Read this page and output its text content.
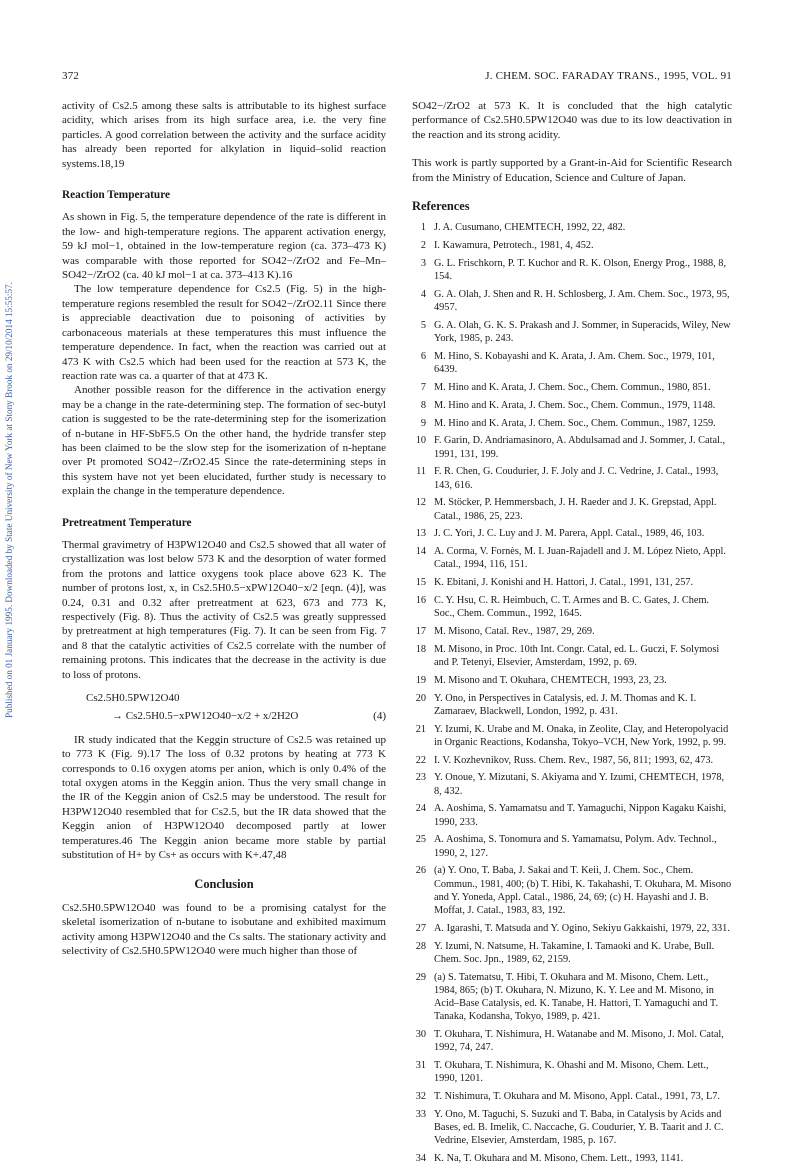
Published on 01 January 1995. Downloaded by State University of New York at Stony Brook on 29/10/2014 15:55:57.
372	J. CHEM. SOC. FARADAY TRANS., 1995, VOL. 91

activity of Cs2.5 among these salts is attributable to its highest surface acidity, which arises from its high surface area, i.e. the very fine particles. A good correlation between the activity and the surface acidity has already been reported for alkylation in liquid–solid reaction systems.18,19

Reaction Temperature

As shown in Fig. 5, the temperature dependence of the rate is different in the low- and high-temperature regions. The apparent activation energy, 59 kJ mol−1, obtained in the low-temperature region (ca. 373–473 K) was comparable with those reported for SO42−/ZrO2 and Fe–Mn–SO42−/ZrO2 (ca. 40 kJ mol−1 at ca. 373–413 K).16

The low temperature dependence for Cs2.5 (Fig. 5) in the high-temperature regions resembled the result for SO42−/ZrO2.11 Since there is appreciable deactivation due to poisoning of activities by carbonaceous materials at these temperatures this must influence the temperature dependence. In fact, when the reaction was carried out at 473 K with Cs2.5 which had been used for the reaction at 573 K, the reaction rate was ca. a quarter of that at 473 K.

Another possible reason for the difference in the activation energy may be a change in the rate-determining step. The formation of sec-butyl cation is suggested to be the rate-determining step for the isomerization of n-butane in HF-SbF5.5 On the other hand, the hydride transfer step has been claimed to be the slow step for the isomerization of n-heptane over Pt promoted SO42−/ZrO2.45 Since the rate-determining steps in this system have not yet been elucidated, further study is necessary to explain the change in the temperature dependence.

Pretreatment Temperature

Thermal gravimetry of H3PW12O40 and Cs2.5 showed that all water of crystallization was lost below 573 K and the desorption of water formed from the protons and lattice oxygens took place above 623 K. The number of protons lost, x, in Cs2.5H0.5−xPW12O40−x/2 [eqn. (4)], was 0.24, 0.31 and 0.32 after pretreatment at 623, 673 and 773 K, respectively (Fig. 8). Thus the activity of Cs2.5 was greatly suppressed by pretreatment at high temperatures (Fig. 7). It can be seen from Fig. 7 and 8 that the catalytic activities of Cs2.5 correlate with the number of remaining protons. This indicates that the decrease in the activity is due to loss of protons.

Cs2.5H0.5PW12O40

→ Cs2.5H0.5−xPW12O40−x/2 + x/2H2O	(4)

IR study indicated that the Keggin structure of Cs2.5 was retained up to 773 K (Fig. 9).17 The loss of 0.32 protons by heating at 773 K corresponds to 0.16 oxygen atoms per anion, which is only 0.4% of the total oxygen atoms in the Keggin anion. Thus the very small change in the IR of the Keggin anion of Cs2.5 may be understood. The result for H3PW12O40 resembled that for Cs2.5, but the IR data showed that the Keggin anion of H3PW12O40 decomposed partly at lower temperatures.46 The Keggin anion became more stable by partial substitution of H+ by Cs+ as occurs with K+.47,48

Conclusion

Cs2.5H0.5PW12O40 was found to be a promising catalyst for the skeletal isomerization of n-butane to isobutane and exhibited maximum activity among H3PW12O40 and the Cs salts. The stationary activity and selectivity of Cs2.5H0.5PW12O40 were much higher than those of

SO42−/ZrO2 at 573 K. It is concluded that the high catalytic performance of Cs2.5H0.5PW12O40 was due to its low deactivation in the reaction and its strong acidity.

This work is partly supported by a Grant-in-Aid for Scientific Research from the Ministry of Education, Science and Culture of Japan.

References
1 J. A. Cusumano, CHEMTECH, 1992, 22, 482.
2 I. Kawamura, Petrotech., 1981, 4, 452.
3 G. L. Frischkorn, P. T. Kuchor and R. K. Olson, Energy Prog., 1988, 8, 154.
4 G. A. Olah, J. Shen and R. H. Schlosberg, J. Am. Chem. Soc., 1973, 95, 4957.
5 G. A. Olah, G. K. S. Prakash and J. Sommer, in Superacids, Wiley, New York, 1985, p. 243.
6 M. Hino, S. Kobayashi and K. Arata, J. Am. Chem. Soc., 1979, 101, 6439.
7 M. Hino and K. Arata, J. Chem. Soc., Chem. Commun., 1980, 851.
8 M. Hino and K. Arata, J. Chem. Soc., Chem. Commun., 1979, 1148.
9 M. Hino and K. Arata, J. Chem. Soc., Chem. Commun., 1987, 1259.
10 F. Garin, D. Andriamasinoro, A. Abdulsamad and J. Sommer, J. Catal., 1991, 131, 199.
11 F. R. Chen, G. Coudurier, J. F. Joly and J. C. Vedrine, J. Catal., 1993, 143, 616.
12 M. Stöcker, P. Hemmersbach, J. H. Raeder and J. K. Grepstad, Appl. Catal., 1986, 25, 223.
13 J. C. Yori, J. C. Luy and J. M. Parera, Appl. Catal., 1989, 46, 103.
14 A. Corma, V. Fornès, M. I. Juan-Rajadell and J. M. López Nieto, Appl. Catal., 1994, 116, 151.
15 K. Ebitani, J. Konishi and H. Hattori, J. Catal., 1991, 131, 257.
16 C. Y. Hsu, C. R. Heimbuch, C. T. Armes and B. C. Gates, J. Chem. Soc., Chem. Commun., 1992, 1645.
17 M. Misono, Catal. Rev., 1987, 29, 269.
18 M. Misono, in Proc. 10th Int. Congr. Catal, ed. L. Guczi, F. Solymosi and P. Tetenyi, Elsevier, Amsterdam, 1992, p. 69.
19 M. Misono and T. Okuhara, CHEMTECH, 1993, 23, 23.
20 Y. Ono, in Perspectives in Catalysis, ed. J. M. Thomas and K. I. Zamaraev, Blackwell, London, 1992, p. 431.
21 Y. Izumi, K. Urabe and M. Onaka, in Zeolite, Clay, and Heteropolyacid in Organic Reactions, Kodansha, Tokyo–VCH, New York, 1992, p. 99.
22 I. V. Kozhevnikov, Russ. Chem. Rev., 1987, 56, 811; 1993, 62, 473.
23 Y. Onoue, Y. Mizutani, S. Akiyama and Y. Izumi, CHEMTECH, 1978, 8, 432.
24 A. Aoshima, S. Yamamatsu and T. Yamaguchi, Nippon Kagaku Kaishi, 1990, 233.
25 A. Aoshima, S. Tonomura and S. Yamamatsu, Polym. Adv. Technol., 1990, 2, 127.
26 (a) Y. Ono, T. Baba, J. Sakai and T. Keii, J. Chem. Soc., Chem. Commun., 1981, 400; (b) T. Hibi, K. Takahashi, T. Okuhara, M. Misono and Y. Yoneda, Appl. Catal., 1986, 24, 69; (c) H. Hayashi and J. B. Moffat, J. Catal., 1983, 83, 192.
27 A. Igarashi, T. Matsuda and Y. Ogino, Sekiyu Gakkaishi, 1979, 22, 331.
28 Y. Izumi, N. Natsume, H. Takamine, I. Tamaoki and K. Urabe, Bull. Chem. Soc. Jpn., 1989, 62, 2159.
29 (a) S. Tatematsu, T. Hibi, T. Okuhara and M. Misono, Chem. Lett., 1984, 865; (b) T. Okuhara, N. Mizuno, K. Y. Lee and M. Misono, in Acid–Base Catalysis, ed. K. Tanabe, H. Hattori, T. Yamaguchi and T. Tanaka, Kodansha, Tokyo, 1989, p. 421.
30 T. Okuhara, T. Nishimura, H. Watanabe and M. Misono, J. Mol. Catal, 1992, 74, 247.
31 T. Okuhara, T. Nishimura, K. Ohashi and M. Misono, Chem. Lett., 1990, 1201.
32 T. Nishimura, T. Okuhara and M. Misono, Appl. Catal., 1991, 73, L7.
33 Y. Ono, M. Taguchi, S. Suzuki and T. Baba, in Catalysis by Acids and Bases, ed. B. Imelik, C. Naccache, G. Coudurier, Y. B. Taarit and J. C. Vedrine, Elsevier, Amsterdam, 1985, p. 167.
34 K. Na, T. Okuhara and M. Misono, Chem. Lett., 1993, 1141.
